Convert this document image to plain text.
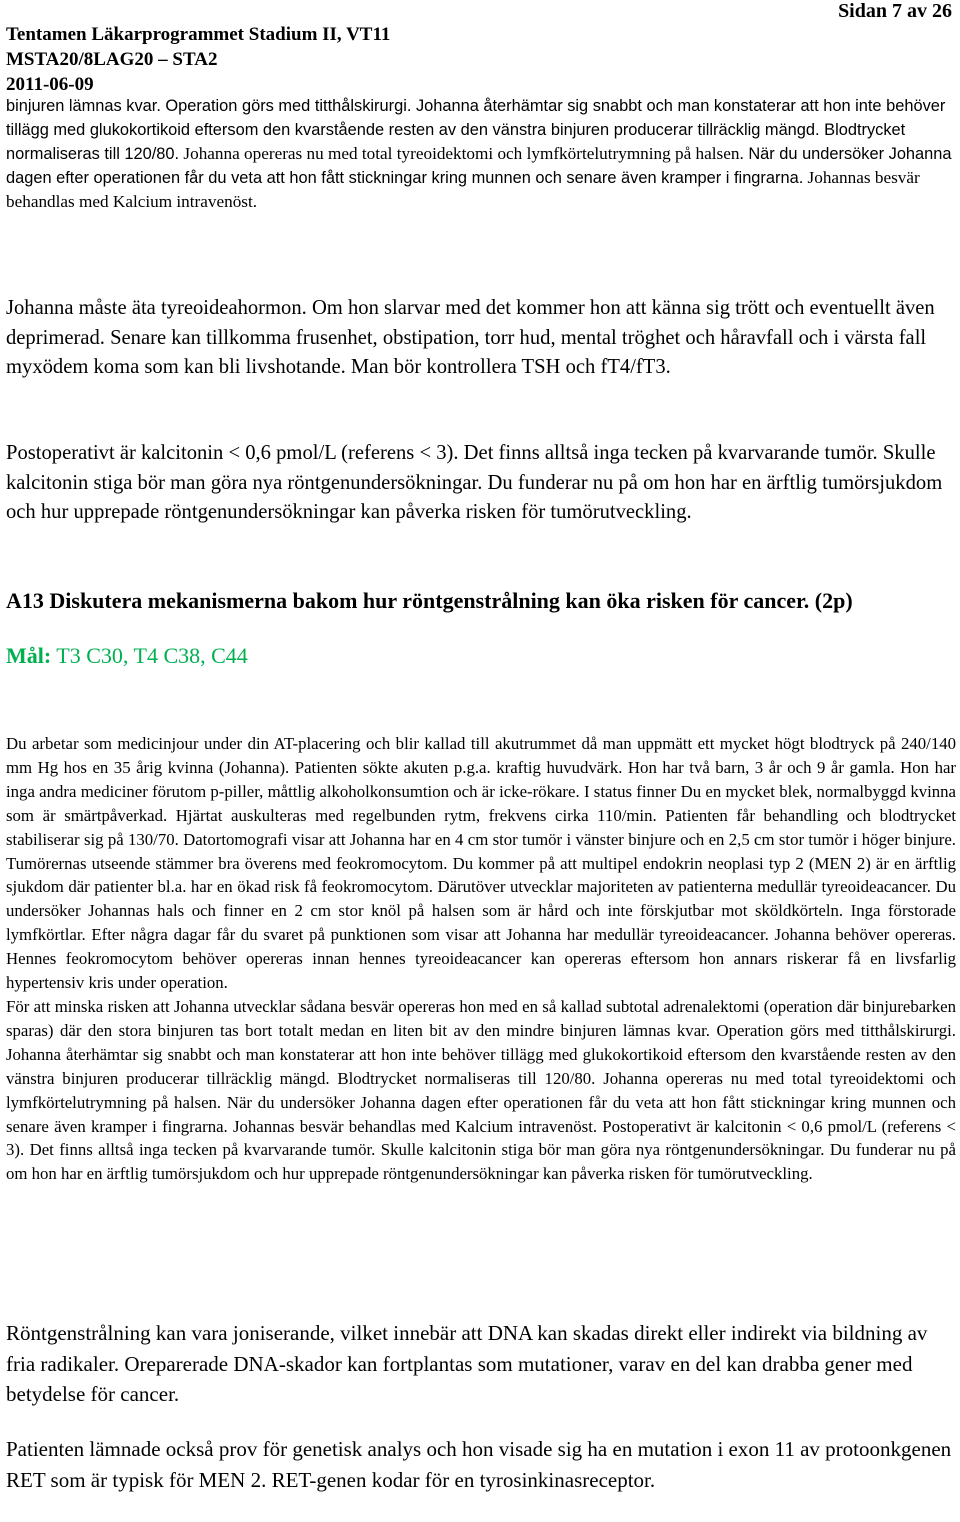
Sidan 7 av 26
Tentamen Läkarprogrammet Stadium II, VT11
MSTA20/8LAG20 – STA2
2011-06-09
binjuren lämnas kvar. Operation görs med titthålskirurgi. Johanna återhämtar sig snabbt och man konstaterar att hon inte behöver tillägg med glukokortikoid eftersom den kvarstående resten av den vänstra binjuren producerar tillräcklig mängd. Blodtrycket normaliseras till 120/80. Johanna opereras nu med total tyreoidektomi och lymfkörtelutrymning på halsen. När du undersöker Johanna dagen efter operationen får du veta att hon fått stickningar kring munnen och senare även kramper i fingrarna. Johannas besvär behandlas med Kalcium intravenöst.
Johanna måste äta tyreoideahormon. Om hon slarvar med det kommer hon att känna sig trött och eventuellt även deprimerad. Senare kan tillkomma frusenhet, obstipation, torr hud, mental tröghet och håravfall och i värsta fall myxödem koma som kan bli livshotande. Man bör kontrollera TSH och fT4/fT3.
Postoperativt är kalcitonin < 0,6 pmol/L (referens < 3). Det finns alltså inga tecken på kvarvarande tumör. Skulle kalcitonin stiga bör man göra nya röntgenundersökningar. Du funderar nu på om hon har en ärftlig tumörsjukdom och hur upprepade röntgenundersökningar kan påverka risken för tumörutveckling.
A13 Diskutera mekanismerna bakom hur röntgenstrålning kan öka risken för cancer. (2p)
Mål: T3 C30, T4 C38, C44
Du arbetar som medicinjour under din AT-placering och blir kallad till akutrummet då man uppmätt ett mycket högt blodtryck på 240/140 mm Hg hos en 35 årig kvinna (Johanna). Patienten sökte akuten p.g.a. kraftig huvudvärk. Hon har två barn, 3 år och 9 år gamla. Hon har inga andra mediciner förutom p-piller, måttlig alkoholkonsumtion och är icke-rökare. I status finner Du en mycket blek, normalbyggd kvinna som är smärtpåverkad. Hjärtat auskulteras med regelbunden rytm, frekvens cirka 110/min. Patienten får behandling och blodtrycket stabiliserar sig på 130/70. Datortomografi visar att Johanna har en 4 cm stor tumör i vänster binjure och en 2,5 cm stor tumör i höger binjure. Tumörernas utseende stämmer bra överens med feokromocytom. Du kommer på att multipel endokrin neoplasi typ 2 (MEN 2) är en ärftlig sjukdom där patienter bl.a. har en ökad risk få feokromocytom. Därutöver utvecklar majoriteten av patienterna medullär tyreoideacancer. Du undersöker Johannas hals och finner en 2 cm stor knöl på halsen som är hård och inte förskjutbar mot sköldkörteln. Inga förstorade lymfkörtlar. Efter några dagar får du svaret på punktionen som visar att Johanna har medullär tyreoideacancer. Johanna behöver opereras. Hennes feokromocytom behöver opereras innan hennes tyreoideacancer kan opereras eftersom hon annars riskerar få en livsfarlig hypertensiv kris under operation.
För att minska risken att Johanna utvecklar sådana besvär opereras hon med en så kallad subtotal adrenalektomi (operation där binjurebarken sparas) där den stora binjuren tas bort totalt medan en liten bit av den mindre binjuren lämnas kvar. Operation görs med titthålskirurgi. Johanna återhämtar sig snabbt och man konstaterar att hon inte behöver tillägg med glukokortikoid eftersom den kvarstående resten av den vänstra binjuren producerar tillräcklig mängd. Blodtrycket normaliseras till 120/80. Johanna opereras nu med total tyreoidektomi och lymfkörtelutrymning på halsen. När du undersöker Johanna dagen efter operationen får du veta att hon fått stickningar kring munnen och senare även kramper i fingrarna. Johannas besvär behandlas med Kalcium intravenöst. Postoperativt är kalcitonin < 0,6 pmol/L (referens < 3). Det finns alltså inga tecken på kvarvarande tumör. Skulle kalcitonin stiga bör man göra nya röntgenundersökningar. Du funderar nu på om hon har en ärftlig tumörsjukdom och hur upprepade röntgenundersökningar kan påverka risken för tumörutveckling.
Röntgenstrålning kan vara joniserande, vilket innebär att DNA kan skadas direkt eller indirekt via bildning av fria radikaler. Oreparerade DNA-skador kan fortplantas som mutationer, varav en del kan drabba gener med betydelse för cancer.
Patienten lämnade också prov för genetisk analys och hon visade sig ha en mutation i exon 11 av protoonkgenen RET som är typisk för MEN 2. RET-genen kodar för en tyrosinkinasreceptor.
